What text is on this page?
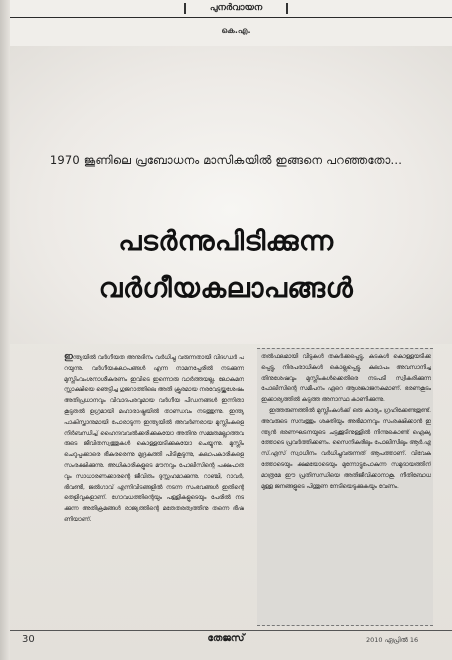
പുനർവായന
കെ.എ.
1970 ജൂണിലെ പ്രബോധനം മാസികയിൽ ഇങ്ങനെ പറഞ്ഞതോ...
പടർന്നുപിടിക്കുന്ന
വർഗീയകലാപങ്ങൾ

ഇന്ത്യയിൽ വർഗീയത അനുദിനം വർധിച്ചു വരുന്നതായി വിദഗ്ധർ പറയുന്നു. വർഗീയകലാപങ്ങൾ എന്ന നാമനപ്പേരിൽ നടക്കുന്ന മുസ്ലിംവംശനാശീകരണം ഇവിടെ ഇന്നൊരു വാർത്തയല്ല. ലോകമനസ്സാക്ഷിയെ ഞെട്ടിച്ച ഗുജറാത്തിലെ അതി ക്രൂരമായ നരവേട്ടയ്ക്കുശേഷം അതിപ്രധാനവും വിവാദപരവുമായ വർഗീയ പീഡനങ്ങൾ ഇന്നിതാ കൂടുതൽ ഉഗ്രമായി മഹാരാഷ്ട്രയിൽ താണ്ഡവം നടത്തുന്നു. ഇന്ത്യ പാകിസ്താനുമായി പോരാടുന്ന ഇന്ത്യയിൽ അവർണരായ മുസ്ലിംകളെ നിർബന്ധിച്ച് ഹൈന്ദവവൽക്കരിക്കുകയോ അതിനു സമ്മതമല്ലാത്തവരുടെ ജീവിതസ്വത്തുകൾ കൊള്ളയടിക്കുകയോ ചെയ്യുന്നു. മുസ്ലിം ചെറുപ്പക്കാരെ ഭീകരരെന്നു മുദ്രകുത്തി പിടികൂടുന്നു, കലാപകാരികളെ സംരക്ഷിക്കുന്നു. അധികാരികളുടെ മൗനവും പോലീസിന്റെ പക്ഷപാതവും സാധാരണക്കാരന്റെ ജീവിതം ദുസ്സഹമാക്കുന്നു. റാഞ്ചി, റാവർ, ഭിവണ്ടി, ജൽഗാവ് എന്നിവിടങ്ങളിൽ നടന്ന സംഭവങ്ങൾ ഇതിന്റെ തെളിവുകളാണ്. ഗോവധത്തിന്റെയും പള്ളികളുടെയും പേരിൽ നടക്കുന്ന അതിക്രമങ്ങൾ രാജ്യത്തിന്റെ മതേതരത്വത്തിനു തന്നെ ഭീഷണിയാണ്.

തൽഫലമായി വീടുകൾ തകർക്കപ്പെട്ടു, കടകൾ കൊള്ളയടിക്കപ്പെട്ടു, നിരപരാധികൾ കൊല്ലപ്പെട്ടു. കലാപം അവസാനിച്ചതിനുശേഷവും മുസ്ലിംകൾക്കെതിരെ നടപടി സ്വീകരിക്കുന്ന പോലീസിന്റെ സമീപനം ഏറെ ആശങ്കാജനകമാണ്. ഭരണകൂടം ഇക്കാര്യത്തിൽ കടുത്ത അനാസ്ഥ കാണിക്കുന്നു.

ഇത്തരുണത്തിൽ മുസ്ലിംകൾക്ക് ഒരു കാര്യം ഗ്രഹിക്കേണ്ടതുണ്ട്. അവരുടെ സമ്പത്തും ശക്തിയും അഭിമാനവും സംരക്ഷിക്കാൻ ഇന്ത്യൻ ഭരണഘടനയുടെ ചട്ടക്കൂടിനുള്ളിൽ നിന്നുകൊണ്ട് ഐക്യത്തോടെ പ്രവർത്തിക്കണം. സൈനികരിലും പോലീസിലും ആർ.എസ്.എസ് സ്വാധീനം വർധിച്ചുവരുന്നത് ആപത്താണ്. വിവേകത്തോടെയും ക്ഷമയോടെയും മുന്നോട്ടുപോകുന്ന സമുദായത്തിന് മാത്രമേ ഈ പ്രതിസന്ധിയെ അതിജീവിക്കാനാകൂ. നീതിബോധമുള്ള ജനങ്ങളുടെ പിന്തുണ നേടിയെടുക്കുകയും വേണം.

30	തേജസ്	2010 ഏപ്രിൽ 16
